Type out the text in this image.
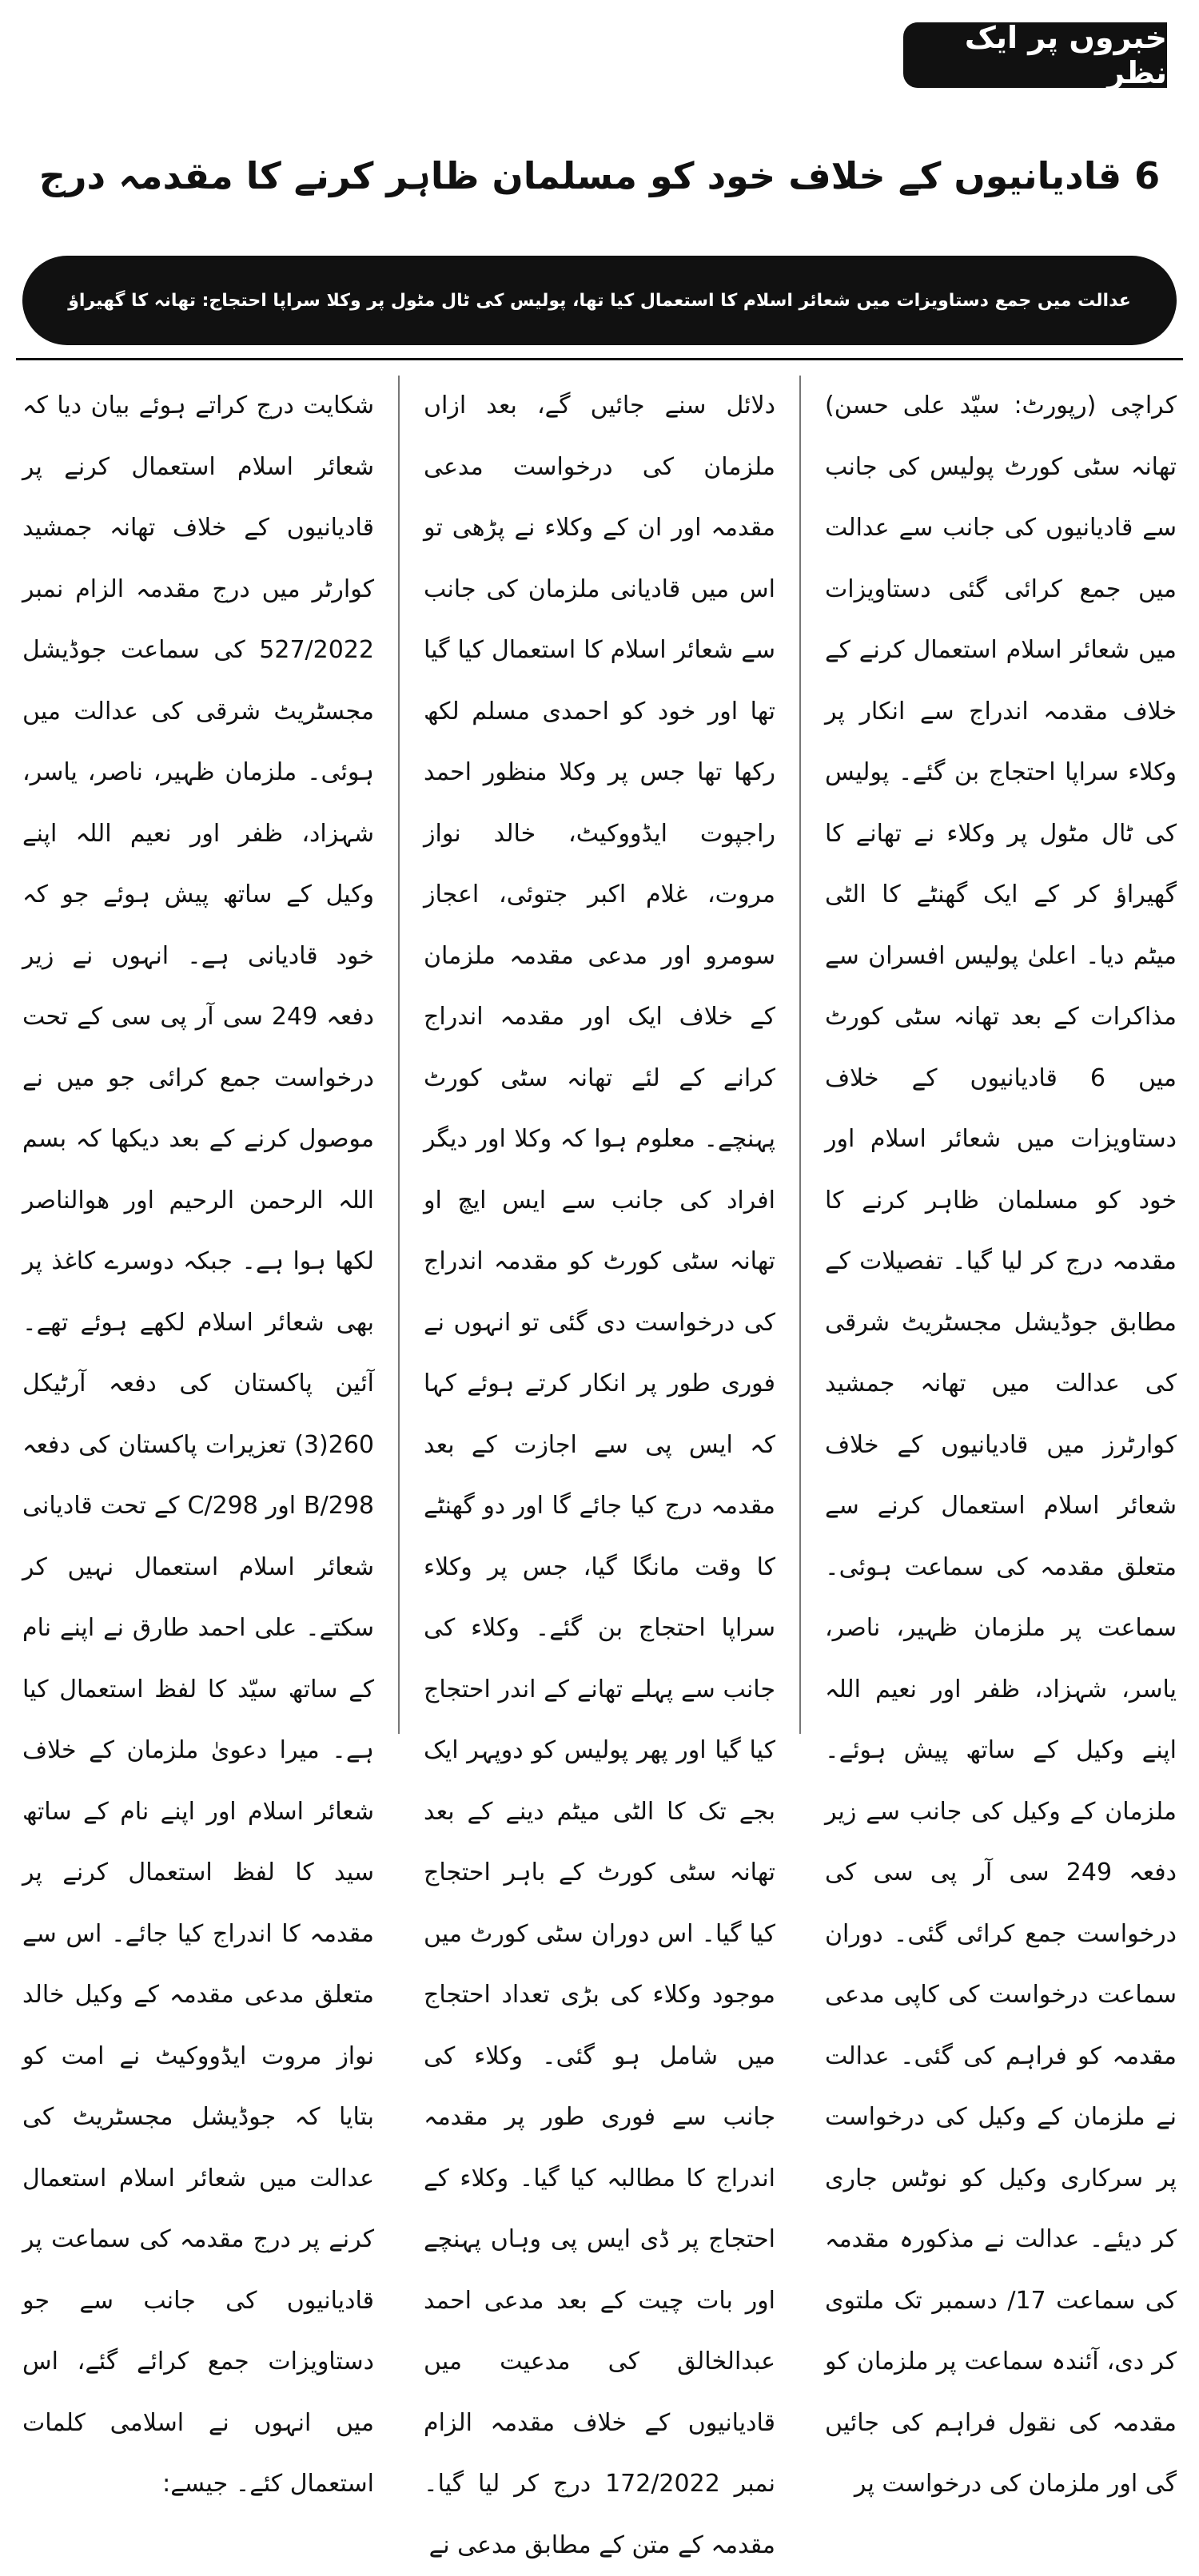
خبروں پر ایک نظر
6 قادیانیوں کے خلاف خود کو مسلمان ظاہر کرنے کا مقدمہ درج
عدالت میں جمع دستاویزات میں شعائر اسلام کا استعمال کیا تھا، پولیس کی ٹال مٹول پر وکلا سراپا احتجاج: تھانہ کا گھیراؤ

کراچی (رپورٹ: سیّد علی حسن) تھانہ سٹی کورٹ پولیس کی جانب سے قادیانیوں کی جانب سے عدالت میں جمع کرائی گئی دستاویزات میں شعائر اسلام استعمال کرنے کے خلاف مقدمہ اندراج سے انکار پر وکلاء سراپا احتجاج بن گئے۔ پولیس کی ٹال مٹول پر وکلاء نے تھانے کا گھیراؤ کر کے ایک گھنٹے کا الٹی میٹم دیا۔ اعلیٰ پولیس افسران سے مذاکرات کے بعد تھانہ سٹی کورٹ میں 6 قادیانیوں کے خلاف دستاویزات میں شعائر اسلام اور خود کو مسلمان ظاہر کرنے کا مقدمہ درج کر لیا گیا۔ تفصیلات کے مطابق جوڈیشل مجسٹریٹ شرقی کی عدالت میں تھانہ جمشید کوارٹرز میں قادیانیوں کے خلاف شعائر اسلام استعمال کرنے سے متعلق مقدمہ کی سماعت ہوئی۔ سماعت پر ملزمان ظہیر، ناصر، یاسر، شہزاد، ظفر اور نعیم اللہ اپنے وکیل کے ساتھ پیش ہوئے۔ ملزمان کے وکیل کی جانب سے زیر دفعہ 249 سی آر پی سی کی درخواست جمع کرائی گئی۔ دوران سماعت درخواست کی کاپی مدعی مقدمہ کو فراہم کی گئی۔ عدالت نے ملزمان کے وکیل کی درخواست پر سرکاری وکیل کو نوٹس جاری کر دیئے۔ عدالت نے مذکورہ مقدمہ کی سماعت 17/ دسمبر تک ملتوی کر دی، آئندہ سماعت پر ملزمان کو مقدمہ کی نقول فراہم کی جائیں گی اور ملزمان کی درخواست پر

دلائل سنے جائیں گے، بعد ازاں ملزمان کی درخواست مدعی مقدمہ اور ان کے وکلاء نے پڑھی تو اس میں قادیانی ملزمان کی جانب سے شعائر اسلام کا استعمال کیا گیا تھا اور خود کو احمدی مسلم لکھ رکھا تھا جس پر وکلا منظور احمد راجپوت ایڈووکیٹ، خالد نواز مروت، غلام اکبر جتوئی، اعجاز سومرو اور مدعی مقدمہ ملزمان کے خلاف ایک اور مقدمہ اندراج کرانے کے لئے تھانہ سٹی کورٹ پہنچے۔ معلوم ہوا کہ وکلا اور دیگر افراد کی جانب سے ایس ایچ او تھانہ سٹی کورٹ کو مقدمہ اندراج کی درخواست دی گئی تو انہوں نے فوری طور پر انکار کرتے ہوئے کہا کہ ایس پی سے اجازت کے بعد مقدمہ درج کیا جائے گا اور دو گھنٹے کا وقت مانگا گیا، جس پر وکلاء سراپا احتجاج بن گئے۔ وکلاء کی جانب سے پہلے تھانے کے اندر احتجاج کیا گیا اور پھر پولیس کو دوپہر ایک بجے تک کا الٹی میٹم دینے کے بعد تھانہ سٹی کورٹ کے باہر احتجاج کیا گیا۔ اس دوران سٹی کورٹ میں موجود وکلاء کی بڑی تعداد احتجاج میں شامل ہو گئی۔ وکلاء کی جانب سے فوری طور پر مقدمہ اندراج کا مطالبہ کیا گیا۔ وکلاء کے احتجاج پر ڈی ایس پی وہاں پہنچے اور بات چیت کے بعد مدعی احمد عبدالخالق کی مدعیت میں قادیانیوں کے خلاف مقدمہ الزام نمبر 172/2022 درج کر لیا گیا۔ مقدمہ کے متن کے مطابق مدعی نے

شکایت درج کراتے ہوئے بیان دیا کہ شعائر اسلام استعمال کرنے پر قادیانیوں کے خلاف تھانہ جمشید کوارٹر میں درج مقدمہ الزام نمبر 527/2022 کی سماعت جوڈیشل مجسٹریٹ شرقی کی عدالت میں ہوئی۔ ملزمان ظہیر، ناصر، یاسر، شہزاد، ظفر اور نعیم اللہ اپنے وکیل کے ساتھ پیش ہوئے جو کہ خود قادیانی ہے۔ انہوں نے زیر دفعہ 249 سی آر پی سی کے تحت درخواست جمع کرائی جو میں نے موصول کرنے کے بعد دیکھا کہ بسم اللہ الرحمن الرحیم اور ھوالناصر لکھا ہوا ہے۔ جبکہ دوسرے کاغذ پر بھی شعائر اسلام لکھے ہوئے تھے۔ آئین پاکستان کی دفعہ آرٹیکل 260(3) تعزیرات پاکستان کی دفعہ B/298 اور C/298 کے تحت قادیانی شعائر اسلام استعمال نہیں کر سکتے۔ علی احمد طارق نے اپنے نام کے ساتھ سیّد کا لفظ استعمال کیا ہے۔ میرا دعویٰ ملزمان کے خلاف شعائر اسلام اور اپنے نام کے ساتھ سید کا لفظ استعمال کرنے پر مقدمہ کا اندراج کیا جائے۔ اس سے متعلق مدعی مقدمہ کے وکیل خالد نواز مروت ایڈووکیٹ نے امت کو بتایا کہ جوڈیشل مجسٹریٹ کی عدالت میں شعائر اسلام استعمال کرنے پر درج مقدمہ کی سماعت پر قادیانیوں کی جانب سے جو دستاویزات جمع کرائے گئے، اس میں انہوں نے اسلامی کلمات استعمال کئے۔ جیسے:
